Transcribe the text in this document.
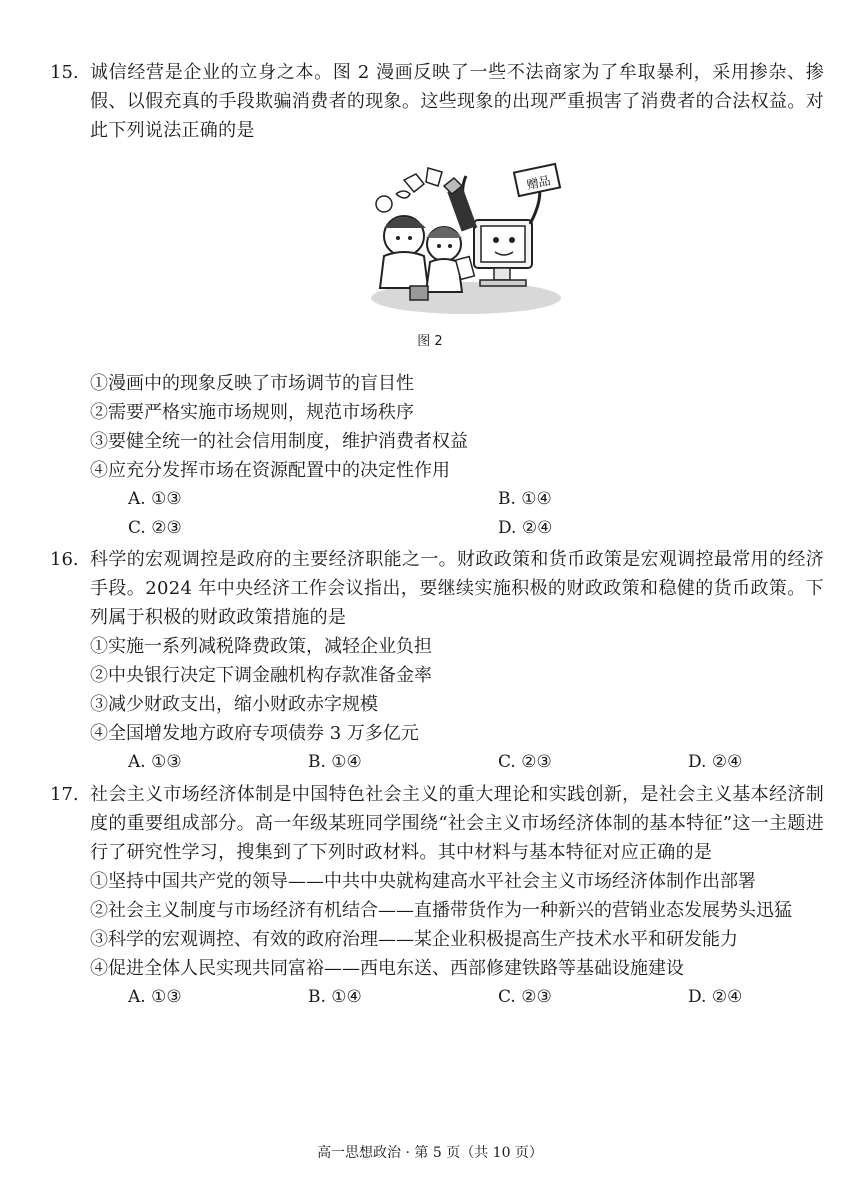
15. 诚信经营是企业的立身之本。图 2 漫画反映了一些不法商家为了牟取暴利，采用掺杂、掺假、以假充真的手段欺骗消费者的现象。这些现象的出现严重损害了消费者的合法权益。对此下列说法正确的是

赠品
图 2

①漫画中的现象反映了市场调节的盲目性

②需要严格实施市场规则，规范市场秩序

③要健全统一的社会信用制度，维护消费者权益

④应充分发挥市场在资源配置中的决定性作用

A. ①③	B. ①④
C. ②③	D. ②④
16. 科学的宏观调控是政府的主要经济职能之一。财政政策和货币政策是宏观调控最常用的经济手段。2024 年中央经济工作会议指出，要继续实施积极的财政政策和稳健的货币政策。下列属于积极的财政政策措施的是

①实施一系列减税降费政策，减轻企业负担

②中央银行决定下调金融机构存款准备金率

③减少财政支出，缩小财政赤字规模

④全国增发地方政府专项债券 3 万多亿元

A. ①③	B. ①④	C. ②③	D. ②④
17. 社会主义市场经济体制是中国特色社会主义的重大理论和实践创新，是社会主义基本经济制度的重要组成部分。高一年级某班同学围绕“社会主义市场经济体制的基本特征”这一主题进行了研究性学习，搜集到了下列时政材料。其中材料与基本特征对应正确的是

①坚持中国共产党的领导——中共中央就构建高水平社会主义市场经济体制作出部署

②社会主义制度与市场经济有机结合——直播带货作为一种新兴的营销业态发展势头迅猛

③科学的宏观调控、有效的政府治理——某企业积极提高生产技术水平和研发能力

④促进全体人民实现共同富裕——西电东送、西部修建铁路等基础设施建设

A. ①③	B. ①④	C. ②③	D. ②④
高一思想政治 · 第 5 页（共 10 页）
